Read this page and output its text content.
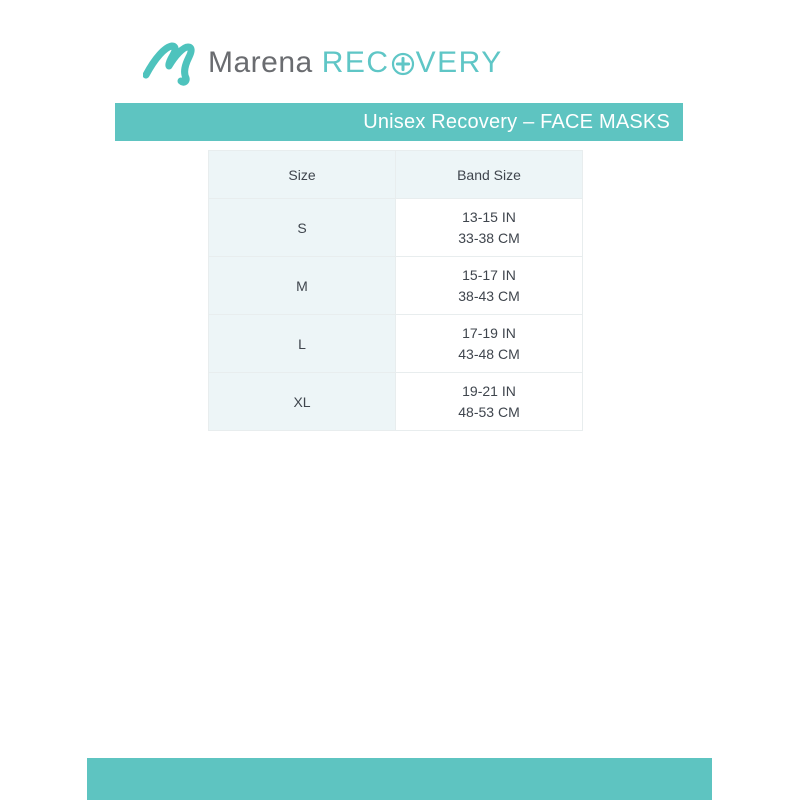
Marena REC VERY
Unisex Recovery – FACE MASKS
Size	Band Size
S	13-15 IN
33-38 CM

M	15-17 IN
38-43 CM

L	17-19 IN
43-48 CM

XL	19-21 IN
48-53 CM
